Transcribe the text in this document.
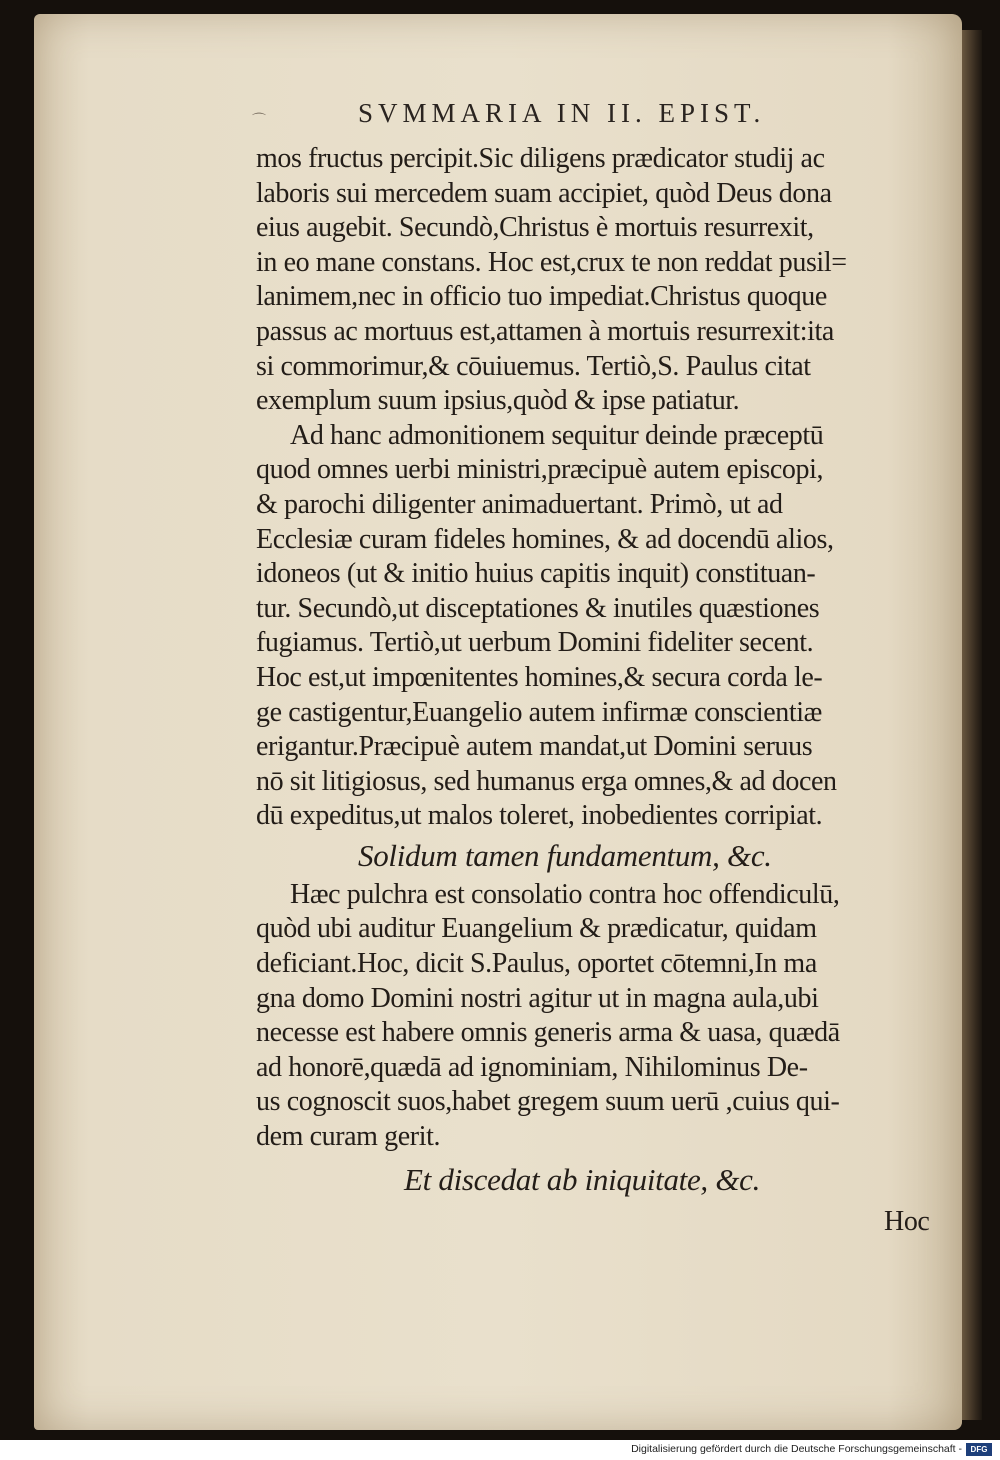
⌒	SVMMARIA IN II. EPIST.
mos fructus percipit.Sic diligens prædicator studij ac
laboris sui mercedem suam accipiet, quòd Deus dona
eius augebit. Secundò,Christus è mortuis resurrexit,
in eo mane constans. Hoc est,crux te non reddat pusil=
lanimem,nec in officio tuo impediat.Christus quoque
passus ac mortuus est,attamen à mortuis resurrexit:ita
si commorimur,& cōuiuemus. Tertiò,S. Paulus citat
exemplum suum ipsius,quòd & ipse patiatur.
Ad hanc admonitionem sequitur deinde præceptū
quod omnes uerbi ministri,præcipuè autem episcopi,
& parochi diligenter animaduertant. Primò, ut ad
Ecclesiæ curam fideles homines, & ad docendū alios,
idoneos (ut & initio huius capitis inquit) constituan-
tur. Secundò,ut disceptationes & inutiles quæstiones
fugiamus. Tertiò,ut uerbum Domini fideliter secent.
Hoc est,ut impœnitentes homines,& secura corda le-
ge castigentur,Euangelio autem infirmæ conscientiæ
erigantur.Præcipuè autem mandat,ut Domini seruus
nō sit litigiosus, sed humanus erga omnes,& ad docen
dū expeditus,ut malos toleret, inobedientes corripiat.
Solidum tamen fundamentum, &c.
Hæc pulchra est consolatio contra hoc offendiculū,
quòd ubi auditur Euangelium & prædicatur, quidam
deficiant.Hoc, dicit S.Paulus, oportet cōtemni,In ma
gna domo Domini nostri agitur ut in magna aula,ubi
necesse est habere omnis generis arma & uasa, quædā
ad honorē,quædā ad ignominiam, Nihilominus De-
us cognoscit suos,habet gregem suum uerū ,cuius qui-
dem curam gerit.
Et discedat ab iniquitate, &c.
Hoc
Digitalisierung gefördert durch die Deutsche Forschungsgemeinschaft -	DFG
